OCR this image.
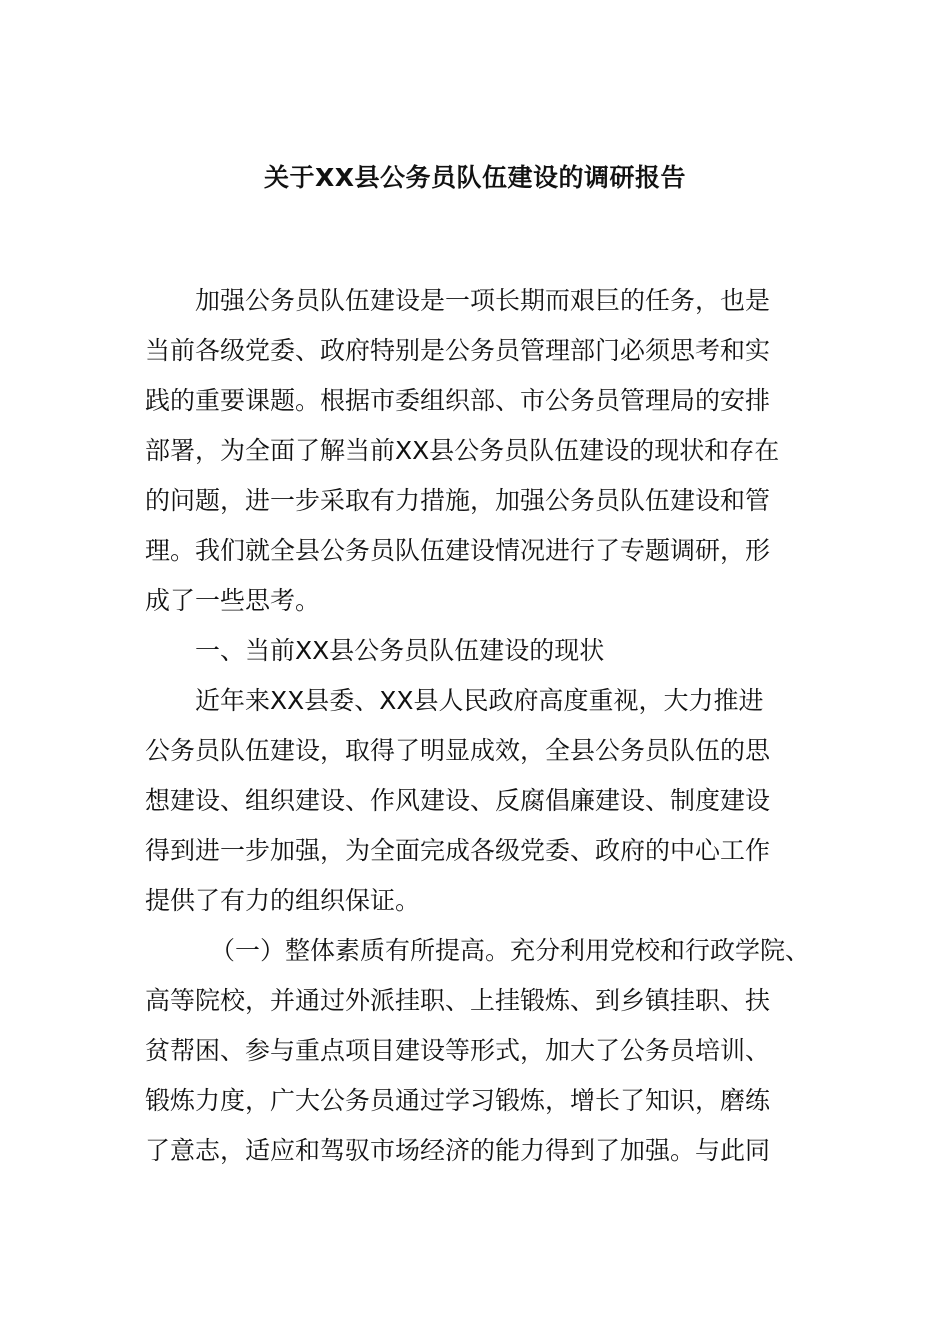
关于XX县公务员队伍建设的调研报告
加强公务员队伍建设是一项长期而艰巨的任务，也是
当前各级党委、政府特别是公务员管理部门必须思考和实
践的重要课题。根据市委组织部、市公务员管理局的安排
部署，为全面了解当前XX县公务员队伍建设的现状和存在
的问题，进一步采取有力措施，加强公务员队伍建设和管
理。我们就全县公务员队伍建设情况进行了专题调研，形
成了一些思考。
一、当前XX县公务员队伍建设的现状
近年来XX县委、XX县人民政府高度重视，大力推进
公务员队伍建设，取得了明显成效，全县公务员队伍的思
想建设、组织建设、作风建设、反腐倡廉建设、制度建设
得到进一步加强，为全面完成各级党委、政府的中心工作
提供了有力的组织保证。
（一）整体素质有所提高。充分利用党校和行政学院、
高等院校，并通过外派挂职、上挂锻炼、到乡镇挂职、扶
贫帮困、参与重点项目建设等形式，加大了公务员培训、
锻炼力度，广大公务员通过学习锻炼，增长了知识，磨练
了意志，适应和驾驭市场经济的能力得到了加强。与此同
